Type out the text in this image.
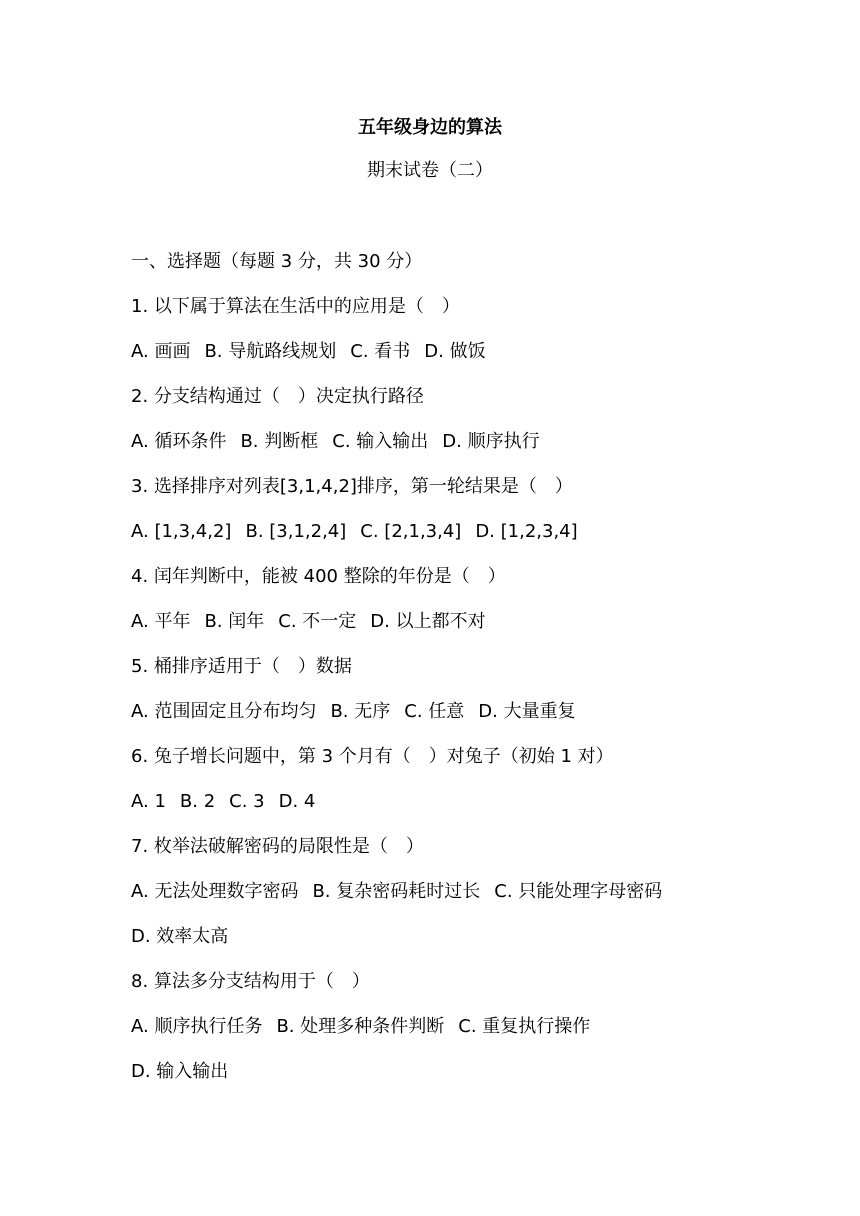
五年级身边的算法
期末试卷（二）
一、选择题（每题 3 分，共 30 分）
1. 以下属于算法在生活中的应用是（　）
A. 画画 B. 导航路线规划 C. 看书 D. 做饭
2. 分支结构通过（　）决定执行路径
A. 循环条件 B. 判断框 C. 输入输出 D. 顺序执行
3. 选择排序对列表[3,1,4,2]排序，第一轮结果是（　）
A. [1,3,4,2] B. [3,1,2,4] C. [2,1,3,4] D. [1,2,3,4]
4. 闰年判断中，能被 400 整除的年份是（　）
A. 平年 B. 闰年 C. 不一定 D. 以上都不对
5. 桶排序适用于（　）数据
A. 范围固定且分布均匀 B. 无序 C. 任意 D. 大量重复
6. 兔子增长问题中，第 3 个月有（　）对兔子（初始 1 对）
A. 1 B. 2 C. 3 D. 4
7. 枚举法破解密码的局限性是（　）
A. 无法处理数字密码 B. 复杂密码耗时过长 C. 只能处理字母密码
D. 效率太高
8. 算法多分支结构用于（　）
A. 顺序执行任务 B. 处理多种条件判断 C. 重复执行操作
D. 输入输出
